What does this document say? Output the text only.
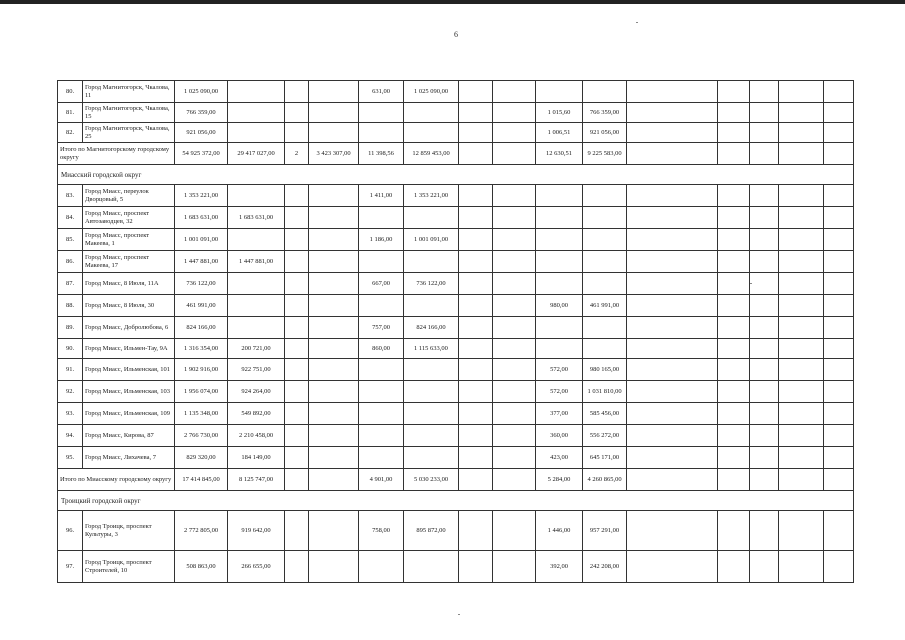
6
80.	Город Магнитогорск, Чкалова, 11	1 025 090,00				631,00	1 025 090,00									
81.	Город Магнитогорск, Чкалова, 15	766 359,00								1 015,60	766 359,00					
82.	Город Магнитогорск, Чкалова, 25	921 056,00								1 006,51	921 056,00					
Итого по Магнитогорскому городскому округу		54 925 372,00	29 417 027,00	2	3 423 307,00	11 398,56	12 859 453,00			12 630,51	9 225 583,00					
Миасский городской округ																
83.	Город Миасс, переулок Дворцовый, 5	1 353 221,00				1 411,00	1 353 221,00									
84.	Город Миасс, проспект Автозаводцев, 32	1 683 631,00	1 683 631,00													
85.	Город Миасс, проспект Макеева, 1	1 001 091,00				1 186,00	1 001 091,00									
86.	Город Миасс, проспект Макеева, 17	1 447 881,00	1 447 881,00													
87.	Город Миасс, 8 Июля, 11А	736 122,00				667,00	736 122,00									
88.	Город Миасс, 8 Июля, 30	461 991,00								980,00	461 991,00					
89.	Город Миасс, Добролюбова, 6	824 166,00				757,00	824 166,00									
90.	Город Миасс, Ильмен-Тау, 9А	1 316 354,00	200 721,00			860,00	1 115 633,00									
91.	Город Миасс, Ильменская, 101	1 902 916,00	922 751,00							572,00	980 165,00					
92.	Город Миасс, Ильменская, 103	1 956 074,00	924 264,00							572,00	1 031 810,00					
93.	Город Миасс, Ильменская, 109	1 135 348,00	549 892,00							377,00	585 456,00					
94.	Город Миасс, Кирова, 87	2 766 730,00	2 210 458,00							360,00	556 272,00					
95.	Город Миасс, Лихачева, 7	829 320,00	184 149,00							423,00	645 171,00					
Итого по Миасскому городскому округу		17 414 845,00	8 125 747,00			4 901,00	5 030 233,00			5 284,00	4 260 865,00					
Троицкий городской округ																
96.	Город Троицк, проспект Культуры, 3	2 772 805,00	919 642,00			758,00	895 872,00			1 446,00	957 291,00					
97.	Город Троицк, проспект Строителей, 10	508 863,00	266 655,00							392,00	242 208,00					
